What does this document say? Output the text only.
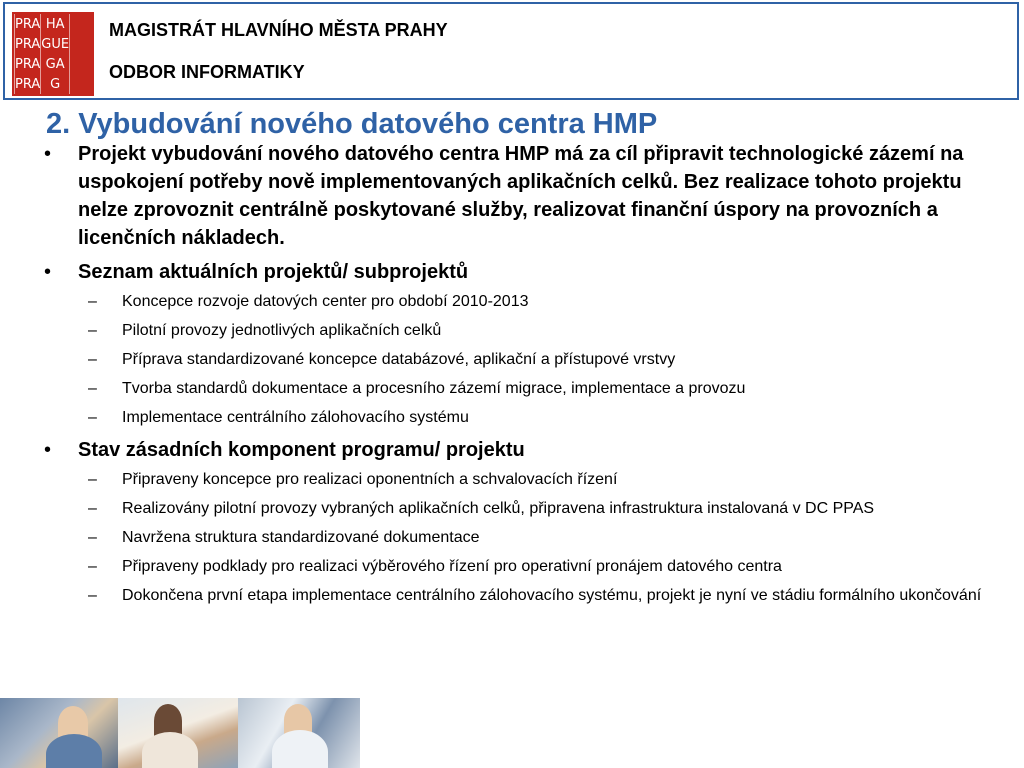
PRA HA
PRA GUE
PRA GA
PRA G
MAGISTRÁT HLAVNÍHO MĚSTA PRAHY
ODBOR INFORMATIKY
2. Vybudování nového datového centra HMP
• Projekt vybudování nového datového centra HMP má za cíl připravit technologické zázemí na uspokojení potřeby nově implementovaných aplikačních celků. Bez realizace tohoto projektu nelze zprovoznit centrálně poskytované služby, realizovat finanční úspory na provozních a licenčních nákladech.
• Seznam aktuálních projektů/ subprojektů
– Koncepce rozvoje datových center pro období 2010-2013
– Pilotní provozy jednotlivých aplikačních celků
– Příprava standardizované koncepce databázové, aplikační a přístupové vrstvy
– Tvorba standardů dokumentace a procesního zázemí migrace, implementace a provozu
– Implementace centrálního zálohovacího systému
• Stav zásadních komponent programu/ projektu
– Připraveny koncepce pro realizaci oponentních a schvalovacích řízení
– Realizovány pilotní provozy vybraných aplikačních celků, připravena infrastruktura instalovaná v DC PPAS
– Navržena struktura standardizované dokumentace
– Připraveny podklady pro realizaci výběrového řízení pro operativní pronájem datového centra
– Dokončena první etapa implementace centrálního zálohovacího systému, projekt je nyní ve stádiu formálního ukončování
